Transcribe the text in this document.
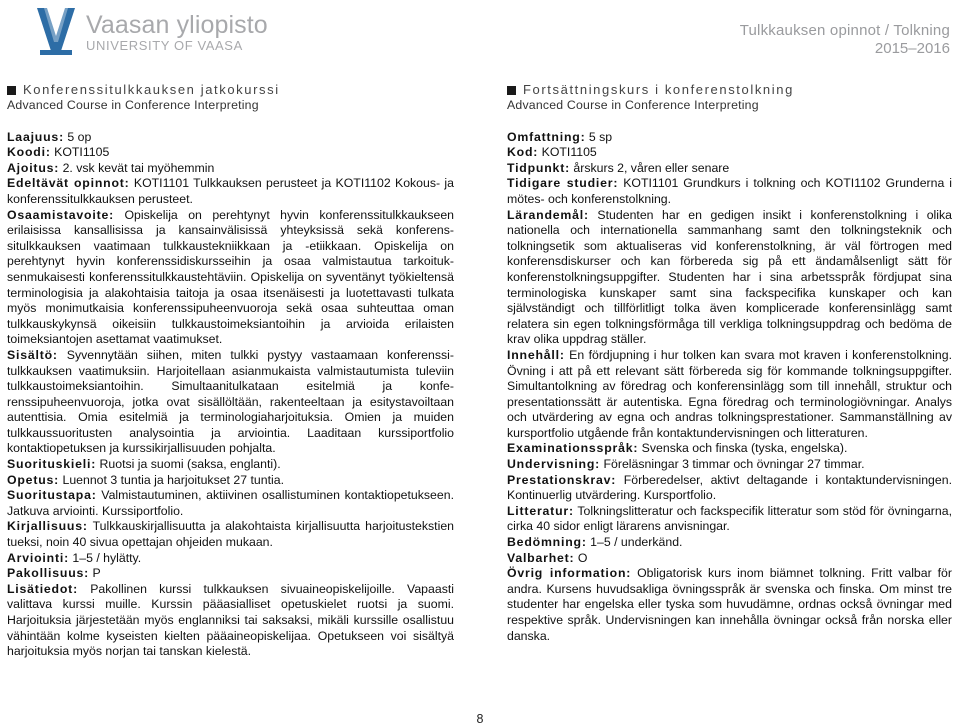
Vaasan yliopisto
UNIVERSITY OF VAASA
Tulkkauksen opinnot / Tolkning
2015–2016
Konferenssitulkkauksen jatkokurssi
Advanced Course in Conference Interpreting

Laajuus: 5 op

Koodi: KOTI1105

Ajoitus: 2. vsk kevät tai myöhemmin

Edeltävät opinnot: KOTI1101 Tulkkauksen perusteet ja KOTI1102 Kokous- ja konferenssitulkkauksen perusteet.

Osaamistavoite: Opiskelija on perehtynyt hyvin konferenssitulkkaukseen erilaisissa kansallisissa ja kansainvälisissä yhteyksissä sekä konferenssitulkkauksen vaatimaan tulkkaustekniikkaan ja -etiikkaan. Opiskelija on perehtynyt hyvin konferenssidiskursseihin ja osaa valmistautua tarkoituksenmukaisesti konferenssitulkkaustehtäviin. Opiskelija on syventänyt työkieltensä terminologisia ja alakohtaisia taitoja ja osaa itsenäisesti ja luotettavasti tulkata myös monimutkaisia konferenssipuheenvuoroja sekä osaa suhteuttaa oman tulkkauskykynsä oikeisiin tulkkaustoimeksiantoihin ja arvioida erilaisten toimeksiantojen asettamat vaatimukset.

Sisältö: Syvennytään siihen, miten tulkki pystyy vastaamaan konferenssitulkkauksen vaatimuksiin. Harjoitellaan asianmukaista valmistautumista tuleviin tulkkaustoimeksiantoihin. Simultaanitulkataan esitelmiä ja konferenssipuheenvuoroja, jotka ovat sisällöltään, rakenteeltaan ja esitystavoiltaan autenttisia. Omia esitelmiä ja terminologiaharjoituksia. Omien ja muiden tulkkaussuoritusten analysointia ja arviointia. Laaditaan kurssiportfolio kontaktiopetuksen ja kurssikirjallisuuden pohjalta.

Suorituskieli: Ruotsi ja suomi (saksa, englanti).

Opetus: Luennot 3 tuntia ja harjoitukset 27 tuntia.

Suoritustapa: Valmistautuminen, aktiivinen osallistuminen kontaktiopetukseen. Jatkuva arviointi. Kurssiportfolio.

Kirjallisuus: Tulkkauskirjallisuutta ja alakohtaista kirjallisuutta harjoitustekstien tueksi, noin 40 sivua opettajan ohjeiden mukaan.

Arviointi: 1–5 / hylätty.

Pakollisuus: P

Lisätiedot: Pakollinen kurssi tulkkauksen sivuaineopiskelijoille. Vapaasti valittava kurssi muille. Kurssin pääasialliset opetuskielet ruotsi ja suomi. Harjoituksia järjestetään myös englanniksi tai saksaksi, mikäli kurssille osallistuu vähintään kolme kyseisten kielten pääaineopiskelijaa. Opetukseen voi sisältyä harjoituksia myös norjan tai tanskan kielestä.

Fortsättningskurs i konferenstolkning
Advanced Course in Conference Interpreting

Omfattning: 5 sp

Kod: KOTI1105

Tidpunkt: årskurs 2, våren eller senare

Tidigare studier: KOTI1101 Grundkurs i tolkning och KOTI1102 Grunderna i mötes- och konferenstolkning.

Lärandemål: Studenten har en gedigen insikt i konferenstolkning i olika nationella och internationella sammanhang samt den tolkningsteknik och tolkningsetik som aktualiseras vid konferenstolkning, är väl förtrogen med konferensdiskurser och kan förbereda sig på ett ändamålsenligt sätt för konferenstolkningsuppgifter. Studenten har i sina arbetsspråk fördjupat sina terminologiska kunskaper samt sina fackspecifika kunskaper och kan självständigt och tillförlitligt tolka även komplicerade konferensinlägg samt relatera sin egen tolkningsförmåga till verkliga tolkningsuppdrag och bedöma de krav olika uppdrag ställer.

Innehåll: En fördjupning i hur tolken kan svara mot kraven i konferenstolkning. Övning i att på ett relevant sätt förbereda sig för kommande tolkningsuppgifter. Simultantolkning av föredrag och konferensinlägg som till innehåll, struktur och presentationssätt är autentiska. Egna föredrag och terminologiövningar. Analys och utvärdering av egna och andras tolkningsprestationer. Sammanställning av kursportfolio utgående från kontaktundervisningen och litteraturen.

Examinationsspråk: Svenska och finska (tyska, engelska).

Undervisning: Föreläsningar 3 timmar och övningar 27 timmar.

Prestationskrav: Förberedelser, aktivt deltagande i kontaktundervisningen. Kontinuerlig utvärdering. Kursportfolio.

Litteratur: Tolkningslitteratur och fackspecifik litteratur som stöd för övningarna, cirka 40 sidor enligt lärarens anvisningar.

Bedömning: 1–5 / underkänd.

Valbarhet: O

Övrig information: Obligatorisk kurs inom biämnet tolkning. Fritt valbar för andra. Kursens huvudsakliga övningsspråk är svenska och finska. Om minst tre studenter har engelska eller tyska som huvudämne, ordnas också övningar med respektive språk. Undervisningen kan innehålla övningar också från norska eller danska.

8
